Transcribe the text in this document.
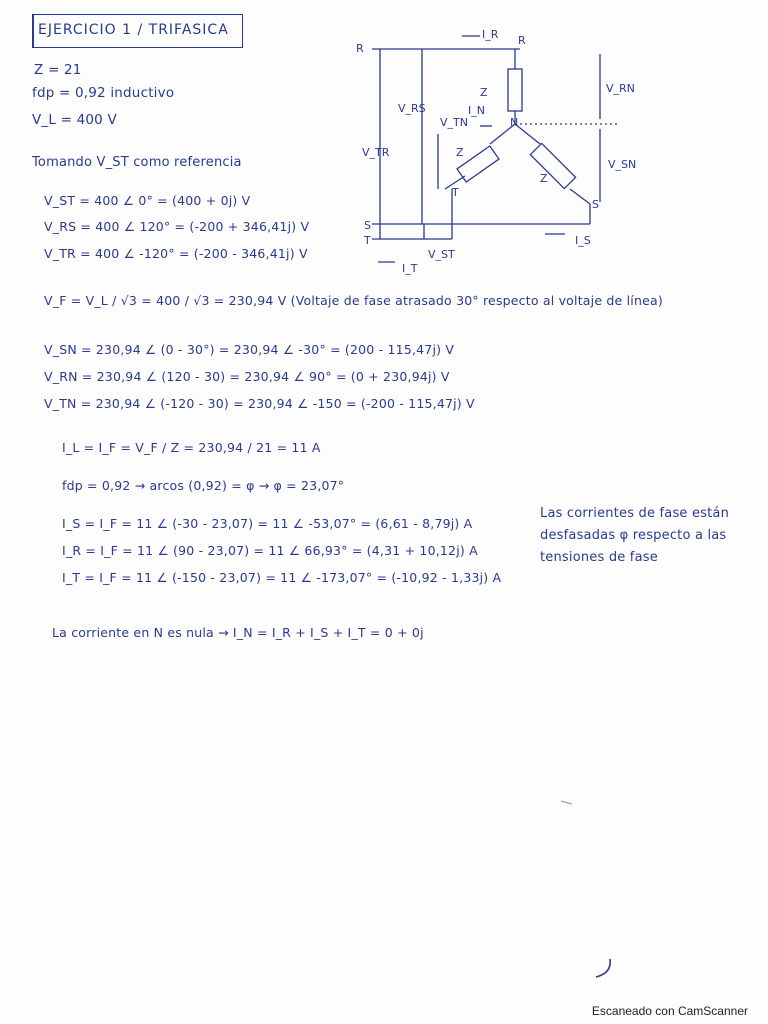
EJERCICIO 1 / TRIFASICA
Z = 21
fdp = 0,92 inductivo
V_L = 400 V
Tomando V_ST como referencia
V_ST = 400 ∠ 0° = (400 + 0j) V
V_RS = 400 ∠ 120° = (-200 + 346,41j) V
V_TR = 400 ∠ -120° = (-200 - 346,41j) V
R
R
N
S
T
T
S
I_R
I_N
I_S
I_T
V_RS
V_TR
V_TN
V_RN
V_SN
V_ST
Z
Z
Z
V_F = V_L / √3 = 400 / √3 = 230,94 V (Voltaje de fase atrasado 30° respecto al voltaje de línea)
V_SN = 230,94 ∠ (0 - 30°) = 230,94 ∠ -30° = (200 - 115,47j) V
V_RN = 230,94 ∠ (120 - 30) = 230,94 ∠ 90° = (0 + 230,94j) V
V_TN = 230,94 ∠ (-120 - 30) = 230,94 ∠ -150 = (-200 - 115,47j) V
I_L = I_F = V_F / Z = 230,94 / 21 = 11 A
fdp = 0,92 → arcos (0,92) = φ → φ = 23,07°
I_S = I_F = 11 ∠ (-30 - 23,07) = 11 ∠ -53,07° = (6,61 - 8,79j) A
I_R = I_F = 11 ∠ (90 - 23,07) = 11 ∠ 66,93° = (4,31 + 10,12j) A
I_T = I_F = 11 ∠ (-150 - 23,07) = 11 ∠ -173,07° = (-10,92 - 1,33j) A
Las corrientes de fase están desfasadas φ respecto a las tensiones de fase
La corriente en N es nula → I_N = I_R + I_S + I_T = 0 + 0j
Escaneado con CamScanner
